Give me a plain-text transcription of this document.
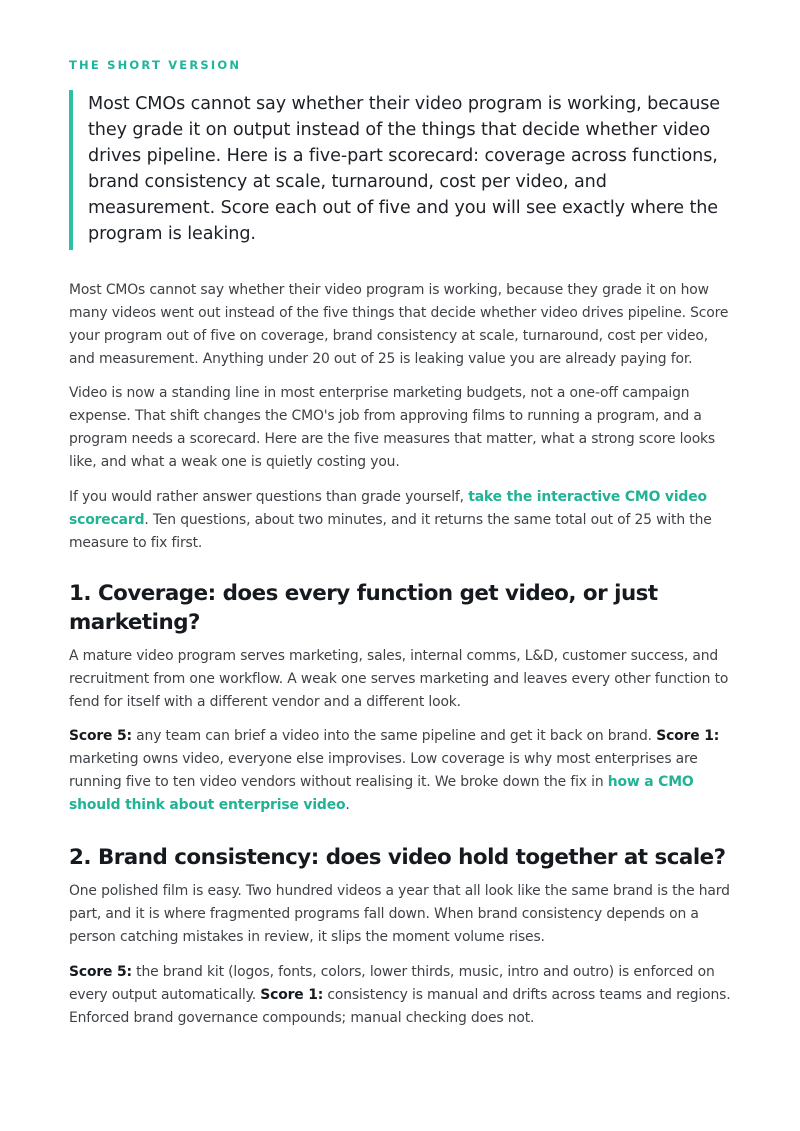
THE SHORT VERSION

Most CMOs cannot say whether their video program is working, because they grade it on output instead of the things that decide whether video drives pipeline. Here is a five-part scorecard: coverage across functions, brand consistency at scale, turnaround, cost per video, and measurement. Score each out of five and you will see exactly where the program is leaking.

Most CMOs cannot say whether their video program is working, because they grade it on how many videos went out instead of the five things that decide whether video drives pipeline. Score your program out of five on coverage, brand consistency at scale, turnaround, cost per video, and measurement. Anything under 20 out of 25 is leaking value you are already paying for.

Video is now a standing line in most enterprise marketing budgets, not a one-off campaign expense. That shift changes the CMO's job from approving films to running a program, and a program needs a scorecard. Here are the five measures that matter, what a strong score looks like, and what a weak one is quietly costing you.

If you would rather answer questions than grade yourself, take the interactive CMO video scorecard. Ten questions, about two minutes, and it returns the same total out of 25 with the measure to fix first.

1. Coverage: does every function get video, or just marketing?

A mature video program serves marketing, sales, internal comms, L&D, customer success, and recruitment from one workflow. A weak one serves marketing and leaves every other function to fend for itself with a different vendor and a different look.

Score 5: any team can brief a video into the same pipeline and get it back on brand. Score 1: marketing owns video, everyone else improvises. Low coverage is why most enterprises are running five to ten video vendors without realising it. We broke down the fix in how a CMO should think about enterprise video.

2. Brand consistency: does video hold together at scale?

One polished film is easy. Two hundred videos a year that all look like the same brand is the hard part, and it is where fragmented programs fall down. When brand consistency depends on a person catching mistakes in review, it slips the moment volume rises.

Score 5: the brand kit (logos, fonts, colors, lower thirds, music, intro and outro) is enforced on every output automatically. Score 1: consistency is manual and drifts across teams and regions. Enforced brand governance compounds; manual checking does not.
